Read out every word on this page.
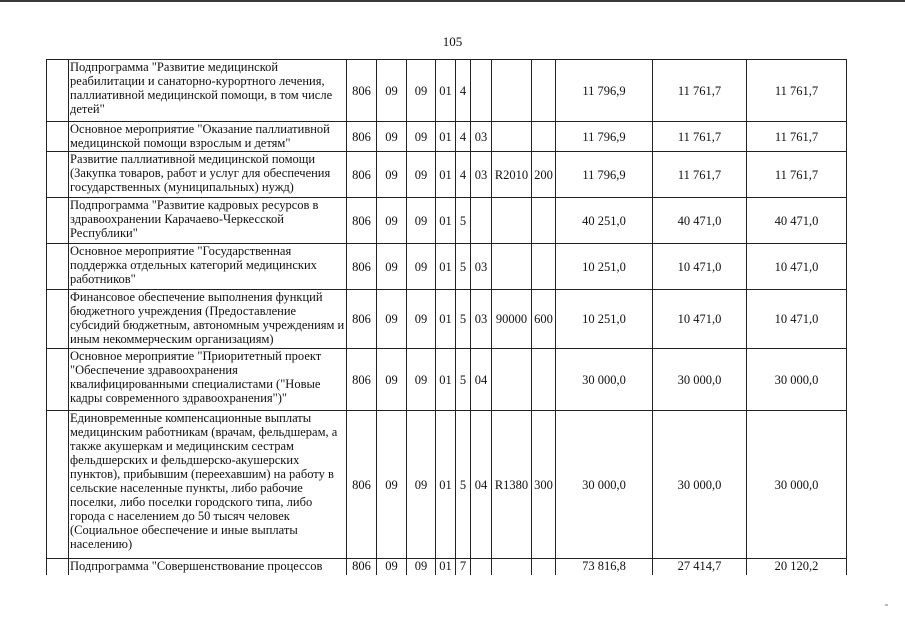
105
	Подпрограмма "Развитие медицинской реабилитации и санаторно-курортного лечения, паллиативной медицинской помощи, в том числе детей"	806	09	09	01	4				11 796,9	11 761,7	11 761,7
	Основное мероприятие "Оказание паллиативной медицинской помощи взрослым и детям"	806	09	09	01	4	03			11 796,9	11 761,7	11 761,7
	Развитие паллиативной медицинской помощи (Закупка товаров, работ и услуг для обеспечения государственных (муниципальных) нужд)	806	09	09	01	4	03	R2010	200	11 796,9	11 761,7	11 761,7
	Подпрограмма "Развитие кадровых ресурсов в здравоохранении Карачаево-Черкесской Республики"	806	09	09	01	5				40 251,0	40 471,0	40 471,0
	Основное мероприятие "Государственная поддержка отдельных категорий медицинских работников"	806	09	09	01	5	03			10 251,0	10 471,0	10 471,0
	Финансовое обеспечение выполнения функций бюджетного учреждения (Предоставление субсидий бюджетным, автономным учреждениям и иным некоммерческим организациям)	806	09	09	01	5	03	90000	600	10 251,0	10 471,0	10 471,0
	Основное мероприятие "Приоритетный проект "Обеспечение здравоохранения квалифицированными специалистами ("Новые кадры современного здравоохранения")"	806	09	09	01	5	04			30 000,0	30 000,0	30 000,0
	Единовременные компенсационные выплаты медицинским работникам (врачам, фельдшерам, а также акушеркам и медицинским сестрам фельдшерских и фельдшерско-акушерских пунктов), прибывшим (переехавшим) на работу в сельские населенные пункты, либо рабочие поселки, либо поселки городского типа, либо города с населением до 50 тысяч человек (Социальное обеспечение и иные выплаты населению)	806	09	09	01	5	04	R1380	300	30 000,0	30 000,0	30 000,0
	Подпрограмма "Совершенствование процессов	806	09	09	01	7				73 816,8	27 414,7	20 120,2
